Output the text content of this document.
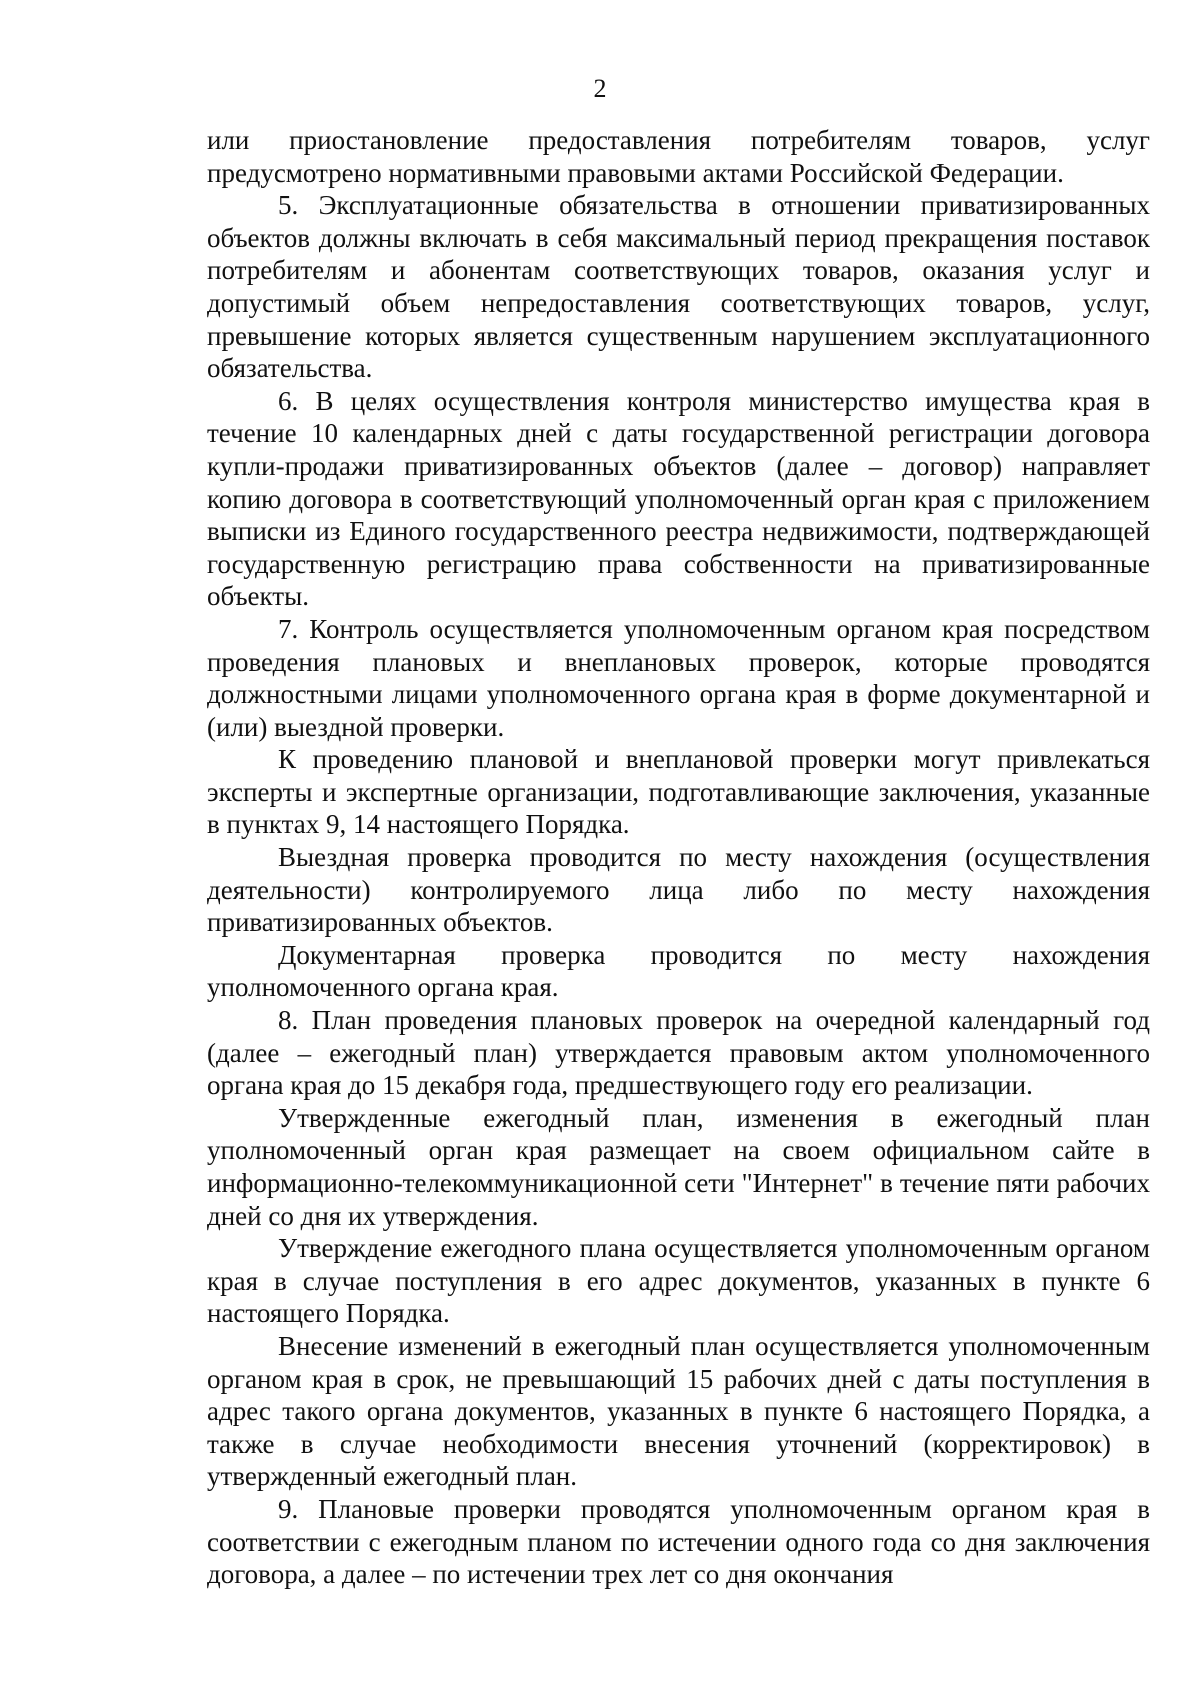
2

или приостановление предоставления потребителям товаров, услуг предусмотрено нормативными правовыми актами Российской Федерации.

5. Эксплуатационные обязательства в отношении приватизированных объектов должны включать в себя максимальный период прекращения поставок потребителям и абонентам соответствующих товаров, оказания услуг и допустимый объем непредоставления соответствующих товаров, услуг, превышение которых является существенным нарушением эксплуатационного обязательства.

6. В целях осуществления контроля министерство имущества края в течение 10 календарных дней с даты государственной регистрации договора купли-продажи приватизированных объектов (далее – договор) направляет копию договора в соответствующий уполномоченный орган края с приложением выписки из Единого государственного реестра недвижимости, подтверждающей государственную регистрацию права собственности на приватизированные объекты.

7. Контроль осуществляется уполномоченным органом края посредством проведения плановых и внеплановых проверок, которые проводятся должностными лицами уполномоченного органа края в форме документарной и (или) выездной проверки.

К проведению плановой и внеплановой проверки могут привлекаться эксперты и экспертные организации, подготавливающие заключения, указанные в пунктах 9, 14 настоящего Порядка.

Выездная проверка проводится по месту нахождения (осуществления деятельности) контролируемого лица либо по месту нахождения приватизированных объектов.

Документарная проверка проводится по месту нахождения уполномоченного органа края.

8. План проведения плановых проверок на очередной календарный год (далее – ежегодный план) утверждается правовым актом уполномоченного органа края до 15 декабря года, предшествующего году его реализации.

Утвержденные ежегодный план, изменения в ежегодный план уполномоченный орган края размещает на своем официальном сайте в информационно-телекоммуникационной сети "Интернет" в течение пяти рабочих дней со дня их утверждения.

Утверждение ежегодного плана осуществляется уполномоченным органом края в случае поступления в его адрес документов, указанных в пункте 6 настоящего Порядка.

Внесение изменений в ежегодный план осуществляется уполномоченным органом края в срок, не превышающий 15 рабочих дней с даты поступления в адрес такого органа документов, указанных в пункте 6 настоящего Порядка, а также в случае необходимости внесения уточнений (корректировок) в утвержденный ежегодный план.

9. Плановые проверки проводятся уполномоченным органом края в соответствии с ежегодным планом по истечении одного года со дня заключения договора, а далее – по истечении трех лет со дня окончания
